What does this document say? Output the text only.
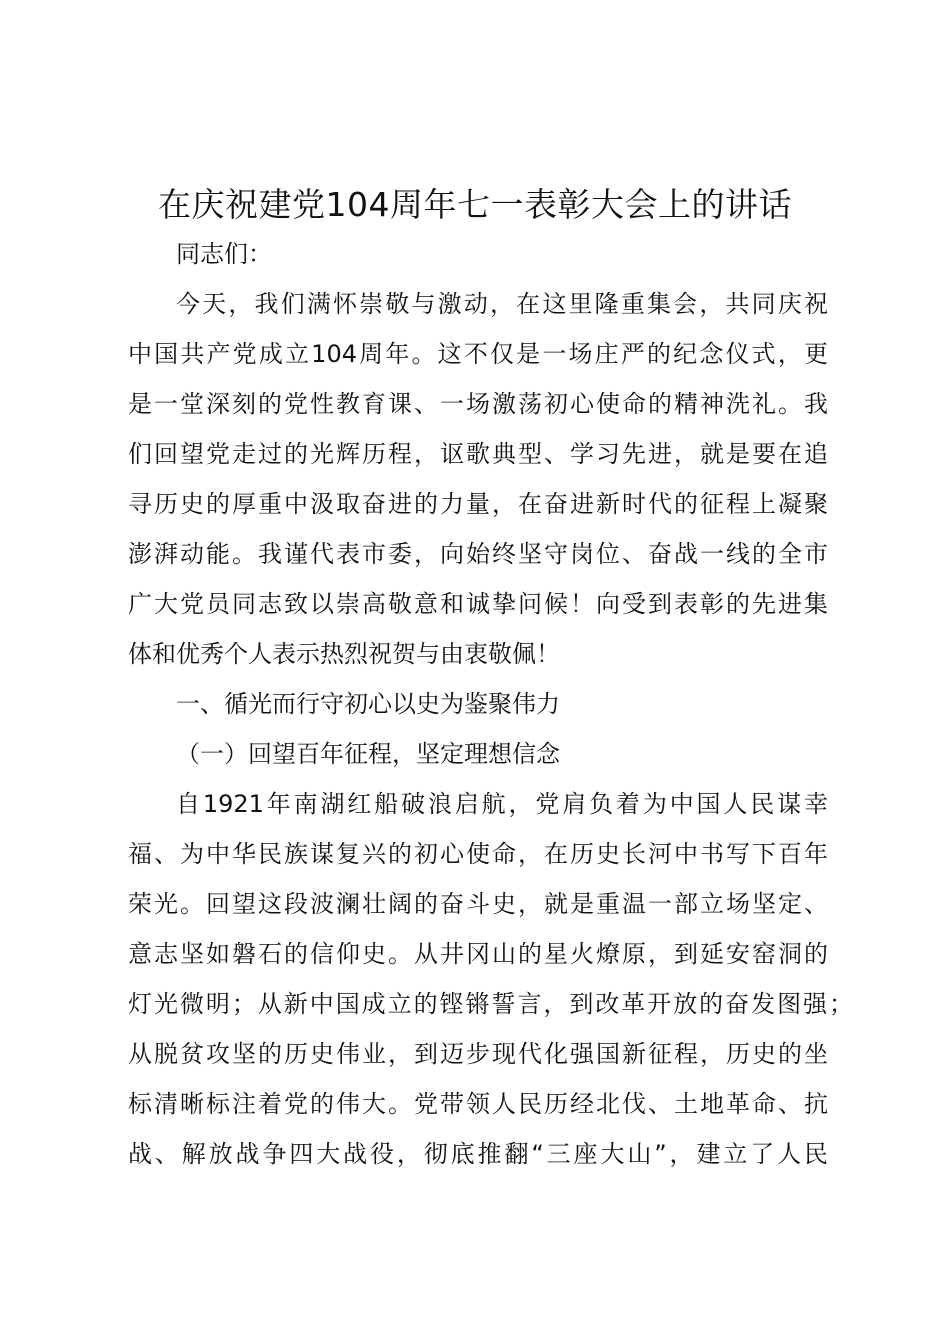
在庆祝建党104周年七一表彰大会上的讲话
同志们：
今天，我们满怀崇敬与激动，在这里隆重集会，共同庆祝
中国共产党成立104周年。这不仅是一场庄严的纪念仪式，更
是一堂深刻的党性教育课、一场激荡初心使命的精神洗礼。我
们回望党走过的光辉历程，讴歌典型、学习先进，就是要在追
寻历史的厚重中汲取奋进的力量，在奋进新时代的征程上凝聚
澎湃动能。我谨代表市委，向始终坚守岗位、奋战一线的全市
广大党员同志致以崇高敬意和诚挚问候！向受到表彰的先进集
体和优秀个人表示热烈祝贺与由衷敬佩！
一、循光而行守初心以史为鉴聚伟力
（一）回望百年征程，坚定理想信念
自1921年南湖红船破浪启航，党肩负着为中国人民谋幸
福、为中华民族谋复兴的初心使命，在历史长河中书写下百年
荣光。回望这段波澜壮阔的奋斗史，就是重温一部立场坚定、
意志坚如磐石的信仰史。从井冈山的星火燎原，到延安窑洞的
灯光微明；从新中国成立的铿锵誓言，到改革开放的奋发图强；
从脱贫攻坚的历史伟业，到迈步现代化强国新征程，历史的坐
标清晰标注着党的伟大。党带领人民历经北伐、土地革命、抗
战、解放战争四大战役，彻底推翻“三座大山”，建立了人民
